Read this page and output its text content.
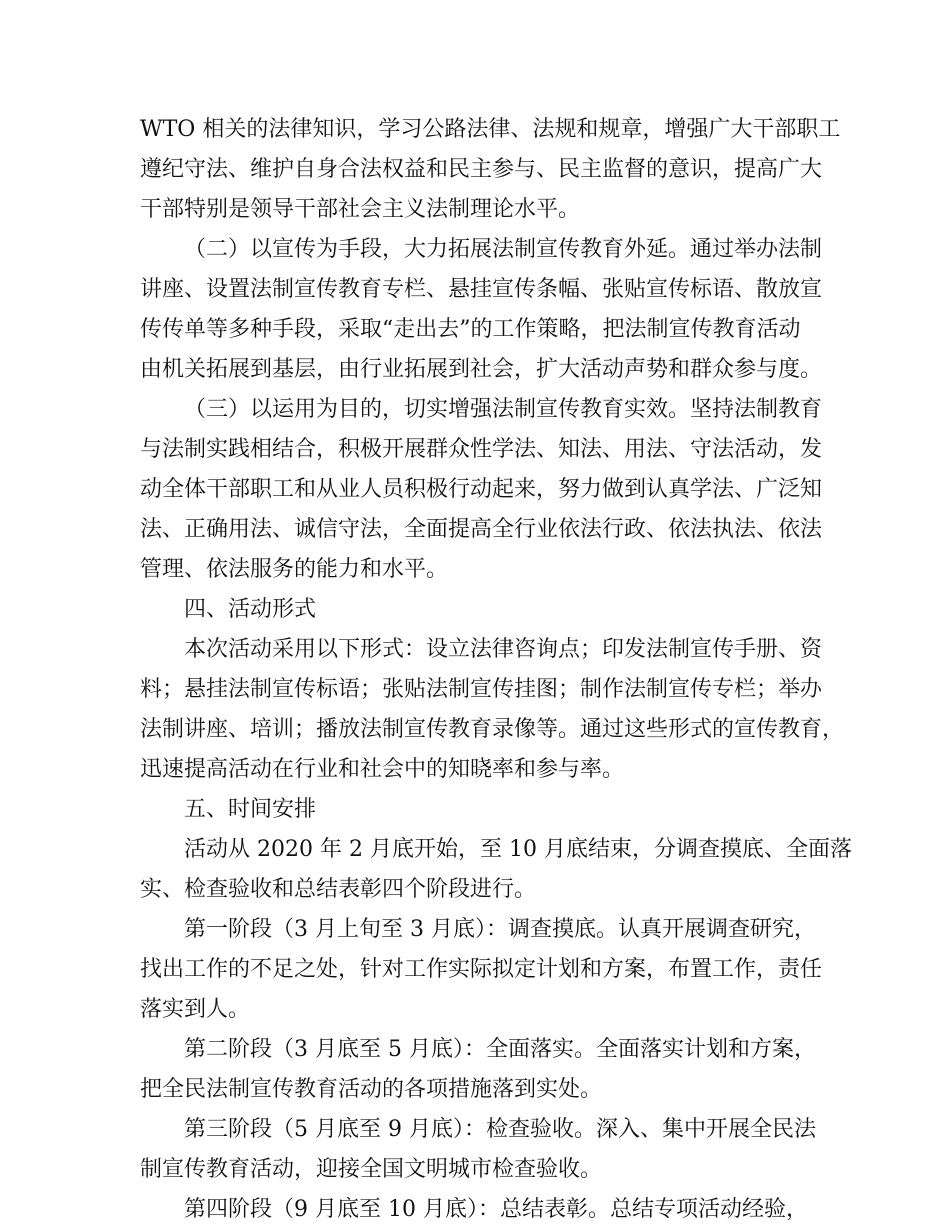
WTO 相关的法律知识，学习公路法律、法规和规章，增强广大干部职工
遵纪守法、维护自身合法权益和民主参与、民主监督的意识，提高广大
干部特别是领导干部社会主义法制理论水平。
（二）以宣传为手段，大力拓展法制宣传教育外延。通过举办法制
讲座、设置法制宣传教育专栏、悬挂宣传条幅、张贴宣传标语、散放宣
传传单等多种手段，采取“走出去”的工作策略，把法制宣传教育活动
由机关拓展到基层，由行业拓展到社会，扩大活动声势和群众参与度。
（三）以运用为目的，切实增强法制宣传教育实效。坚持法制教育
与法制实践相结合，积极开展群众性学法、知法、用法、守法活动，发
动全体干部职工和从业人员积极行动起来，努力做到认真学法、广泛知
法、正确用法、诚信守法，全面提高全行业依法行政、依法执法、依法
管理、依法服务的能力和水平。
四、活动形式
本次活动采用以下形式：设立法律咨询点；印发法制宣传手册、资
料；悬挂法制宣传标语；张贴法制宣传挂图；制作法制宣传专栏；举办
法制讲座、培训；播放法制宣传教育录像等。通过这些形式的宣传教育，
迅速提高活动在行业和社会中的知晓率和参与率。
五、时间安排
活动从 2020 年 2 月底开始，至 10 月底结束，分调查摸底、全面落
实、检查验收和总结表彰四个阶段进行。
第一阶段（3 月上旬至 3 月底）：调查摸底。认真开展调查研究，
找出工作的不足之处，针对工作实际拟定计划和方案，布置工作，责任
落实到人。
第二阶段（3 月底至 5 月底）：全面落实。全面落实计划和方案，
把全民法制宣传教育活动的各项措施落到实处。
第三阶段（5 月底至 9 月底）：检查验收。深入、集中开展全民法
制宣传教育活动，迎接全国文明城市检查验收。
第四阶段（9 月底至 10 月底）：总结表彰。总结专项活动经验，
